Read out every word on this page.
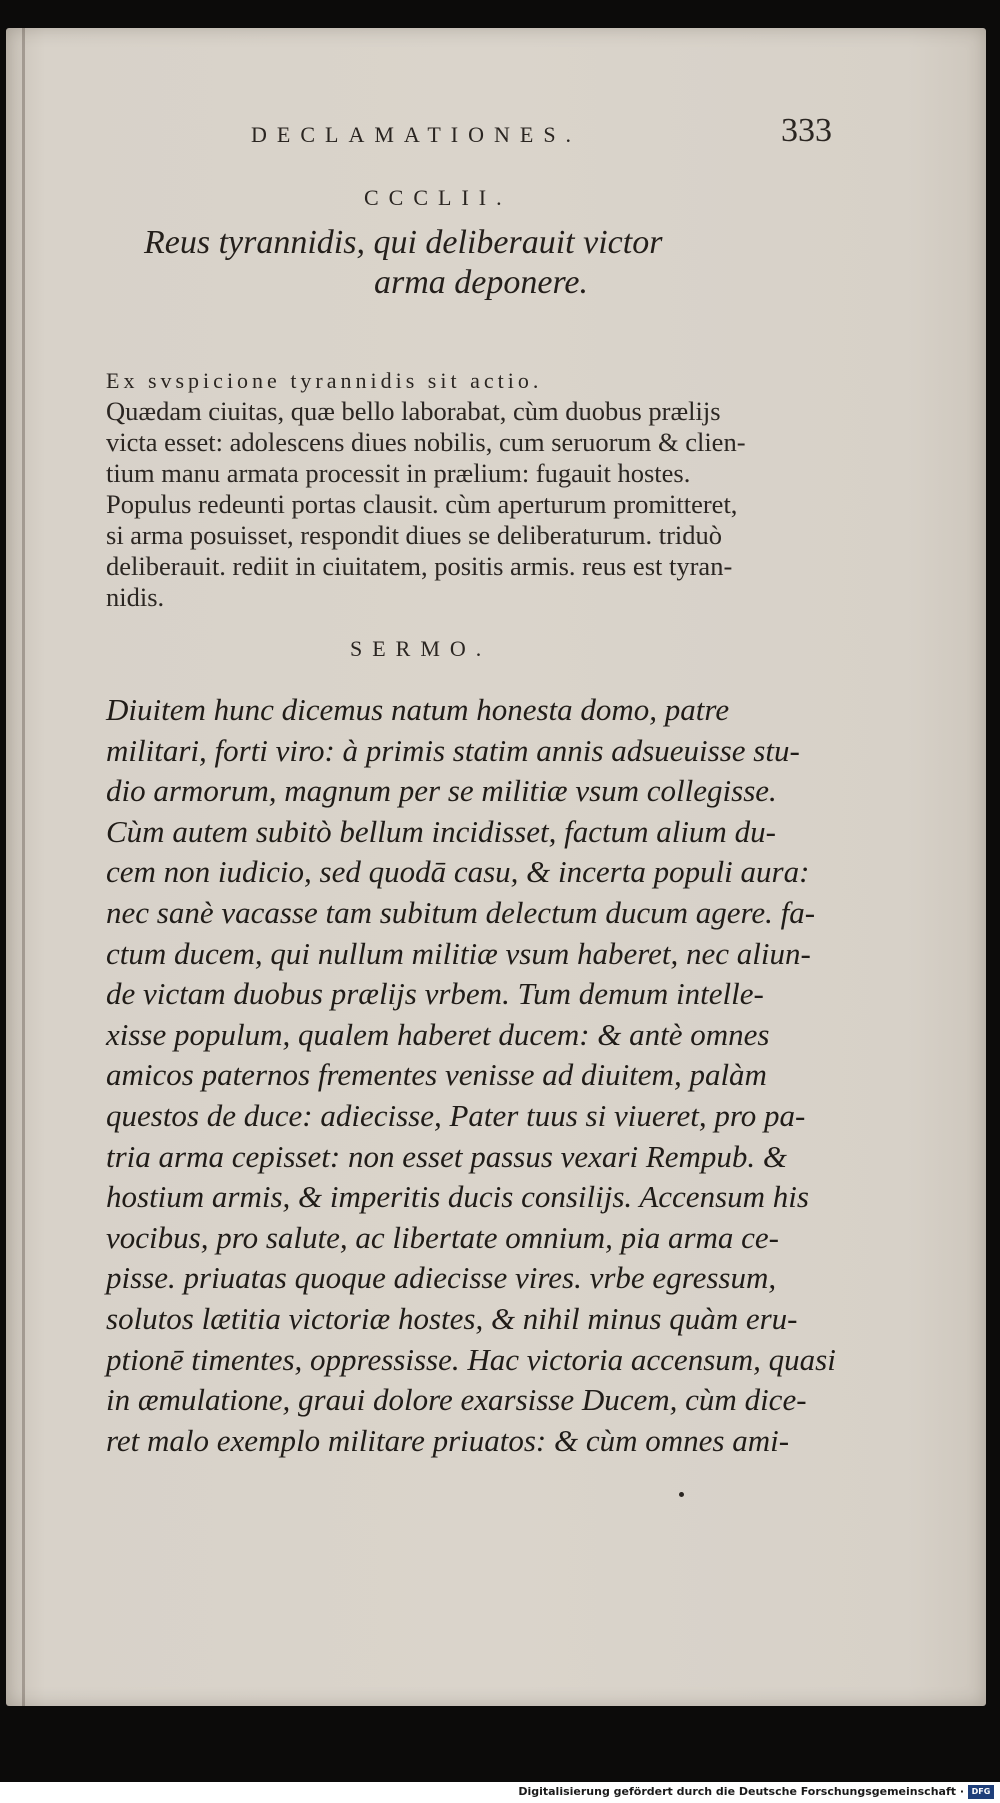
DECLAMATIONES.	333
CCCLII.
Reus tyrannidis, qui deliberauit victor
arma deponere.
Ex svspicione tyrannidis sit actio.
Quædam ciuitas, quæ bello laborabat, cùm duobus prælijs
victa esset: adolescens diues nobilis, cum seruorum & clien-
tium manu armata processit in prælium: fugauit hostes.
Populus redeunti portas clausit. cùm aperturum promitteret,
si arma posuisset, respondit diues se deliberaturum. triduò
deliberauit. rediit in ciuitatem, positis armis. reus est tyran-
nidis.
SERMO.
Diuitem hunc dicemus natum honesta domo, patre
militari, forti viro: à primis statim annis adsueuisse stu-
dio armorum, magnum per se militiæ vsum collegisse.
Cùm autem subitò bellum incidisset, factum alium du-
cem non iudicio, sed quodā casu, & incerta populi aura:
nec sanè vacasse tam subitum delectum ducum agere. fa-
ctum ducem, qui nullum militiæ vsum haberet, nec aliun-
de victam duobus prælijs vrbem. Tum demum intelle-
xisse populum, qualem haberet ducem: & antè omnes
amicos paternos frementes venisse ad diuitem, palàm
questos de duce: adiecisse, Pater tuus si viueret, pro pa-
tria arma cepisset: non esset passus vexari Rempub. &
hostium armis, & imperitis ducis consilijs. Accensum his
vocibus, pro salute, ac libertate omnium, pia arma ce-
pisse. priuatas quoque adiecisse vires. vrbe egressum,
solutos lætitia victoriæ hostes, & nihil minus quàm eru-
ptionē timentes, oppressisse. Hac victoria accensum, quasi
in æmulatione, graui dolore exarsisse Ducem, cùm dice-
ret malo exemplo militare priuatos: & cùm omnes ami-
Digitalisierung gefördert durch die Deutsche Forschungsgemeinschaft · DFG
